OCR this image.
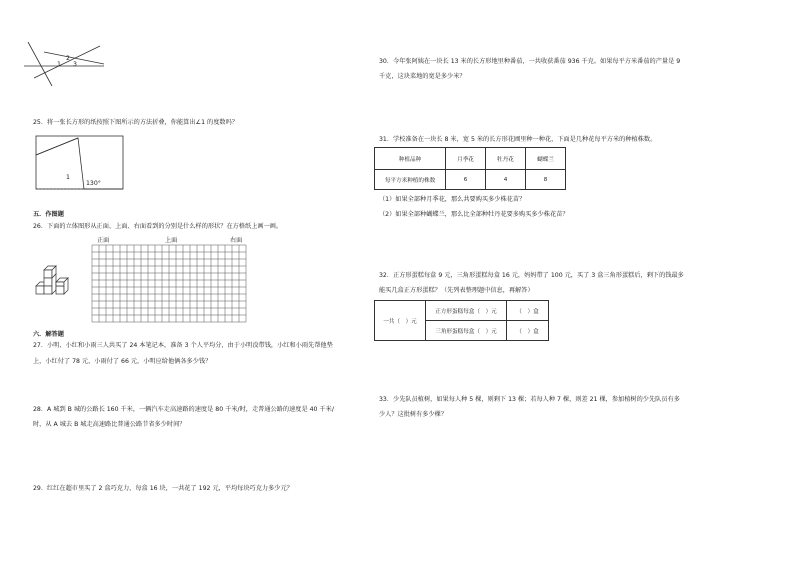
2
1 3
25．将一张长方形的纸按照下图所示的方法折叠，你能算出∠1 的度数吗？
1
130°
五．作图题
26．下面的立体图形从正面、上面、右面看到的分别是什么样的形状？在方格纸上画一画。
正面	上面	右面
六．解答题
27．小明、小红和小雨三人共买了 24 本笔记本，准备 3 个人平均分，由于小明没带钱，小红和小雨先帮他垫
上，小红付了 78 元，小雨付了 66 元，小明应给他俩各多少钱？
28．A 城到 B 城的公路长 160 千米，一辆汽车走高速路的速度是 80 千米/时，走普通公路的速度是 40 千米/
时，从 A 城去 B 城走高速路比普通公路节省多少时间？
29．红红在超市里买了 2 盒巧克力，每盒 16 块，一共花了 192 元，平均每块巧克力多少元？
30．今年张阿姨在一块长 13 米的长方形地里种番茄，一共收获番茄 936 千克。如果每平方米番茄的产量是 9
千克，这块菜地的宽是多少米？
31．学校准备在一块长 8 米，宽 5 米的长方形花圃里种一种花，下面是几种花每平方米的种植株数。
种植品种	月季花	牡丹花	蝴蝶兰
每平方米种植的株数	6	4	8
（1）如果全部种月季花，那么共要购买多少株花苗？
（2）如果全部种蝴蝶兰，那么比全部种牡丹花要多购买多少株花苗？
32．正方形蛋糕每盒 9 元，三角形蛋糕每盒 16 元，妈妈带了 100 元，买了 3 盒三角形蛋糕后，剩下的钱最多
能买几盒正方形蛋糕？（先列表整理题中信息，再解答）
一共（　）元	正方形蛋糕每盒（　）元	（　）盒
	三角形蛋糕每盒（　）元	（　）盒
33．少先队员植树，如果每人种 5 棵，则剩下 13 棵；若每人种 7 棵，则差 21 棵，参加植树的少先队员有多
少人？这批树有多少棵？
